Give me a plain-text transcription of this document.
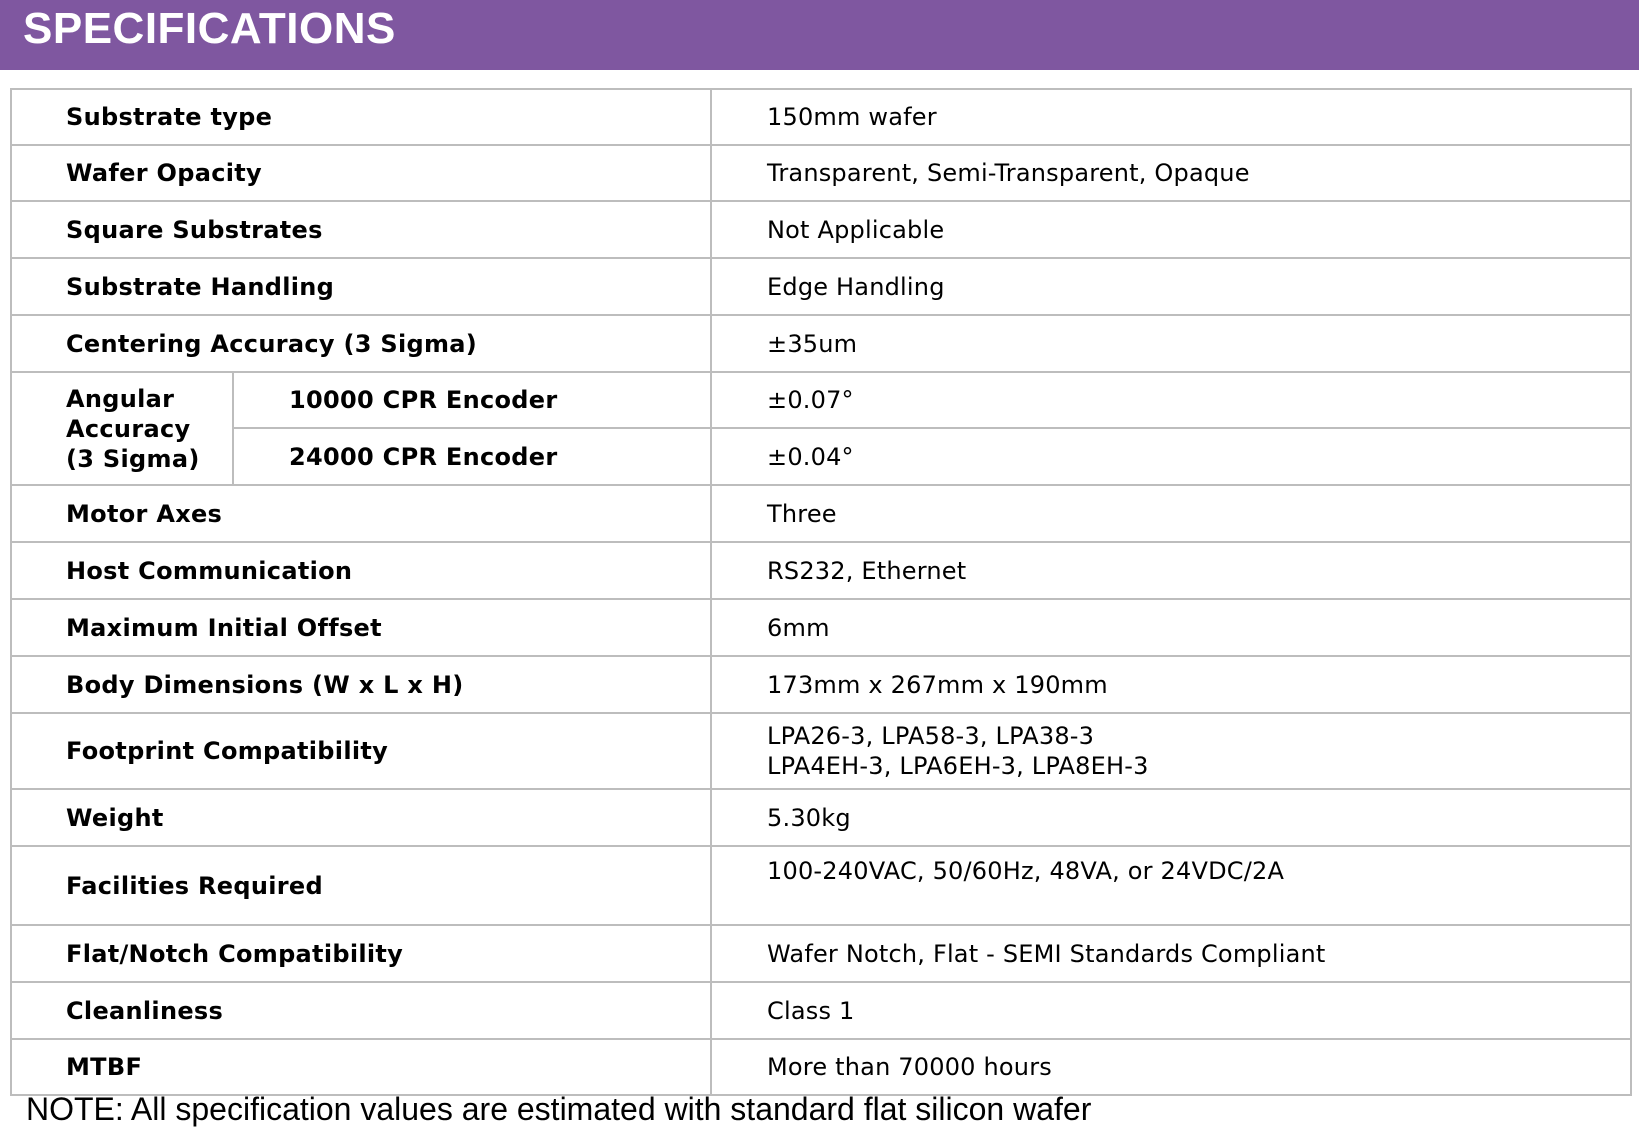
SPECIFICATIONS
Substrate type		150mm wafer
Wafer Opacity		Transparent, Semi-Transparent, Opaque
Square Substrates		Not Applicable
Substrate Handling		Edge Handling
Centering Accuracy (3 Sigma)		±35um

Angular
Accuracy
(3 Sigma)	10000 CPR Encoder	±0.07°
	24000 CPR Encoder	±0.04°
Motor Axes		Three
Host Communication		RS232, Ethernet
Maximum Initial Offset		6mm
Body Dimensions (W x L x H)		173mm x 267mm x 190mm
Footprint Compatibility		LPA26-3, LPA58-3, LPA38-3
LPA4EH-3, LPA6EH-3, LPA8EH-3

Weight		5.30kg
Facilities Required		100-240VAC, 50/60Hz, 48VA, or 24VDC/2A
Flat/Notch Compatibility		Wafer Notch, Flat - SEMI Standards Compliant
Cleanliness		Class 1
MTBF		More than 70000 hours
NOTE: All specification values are estimated with standard flat silicon wafer
